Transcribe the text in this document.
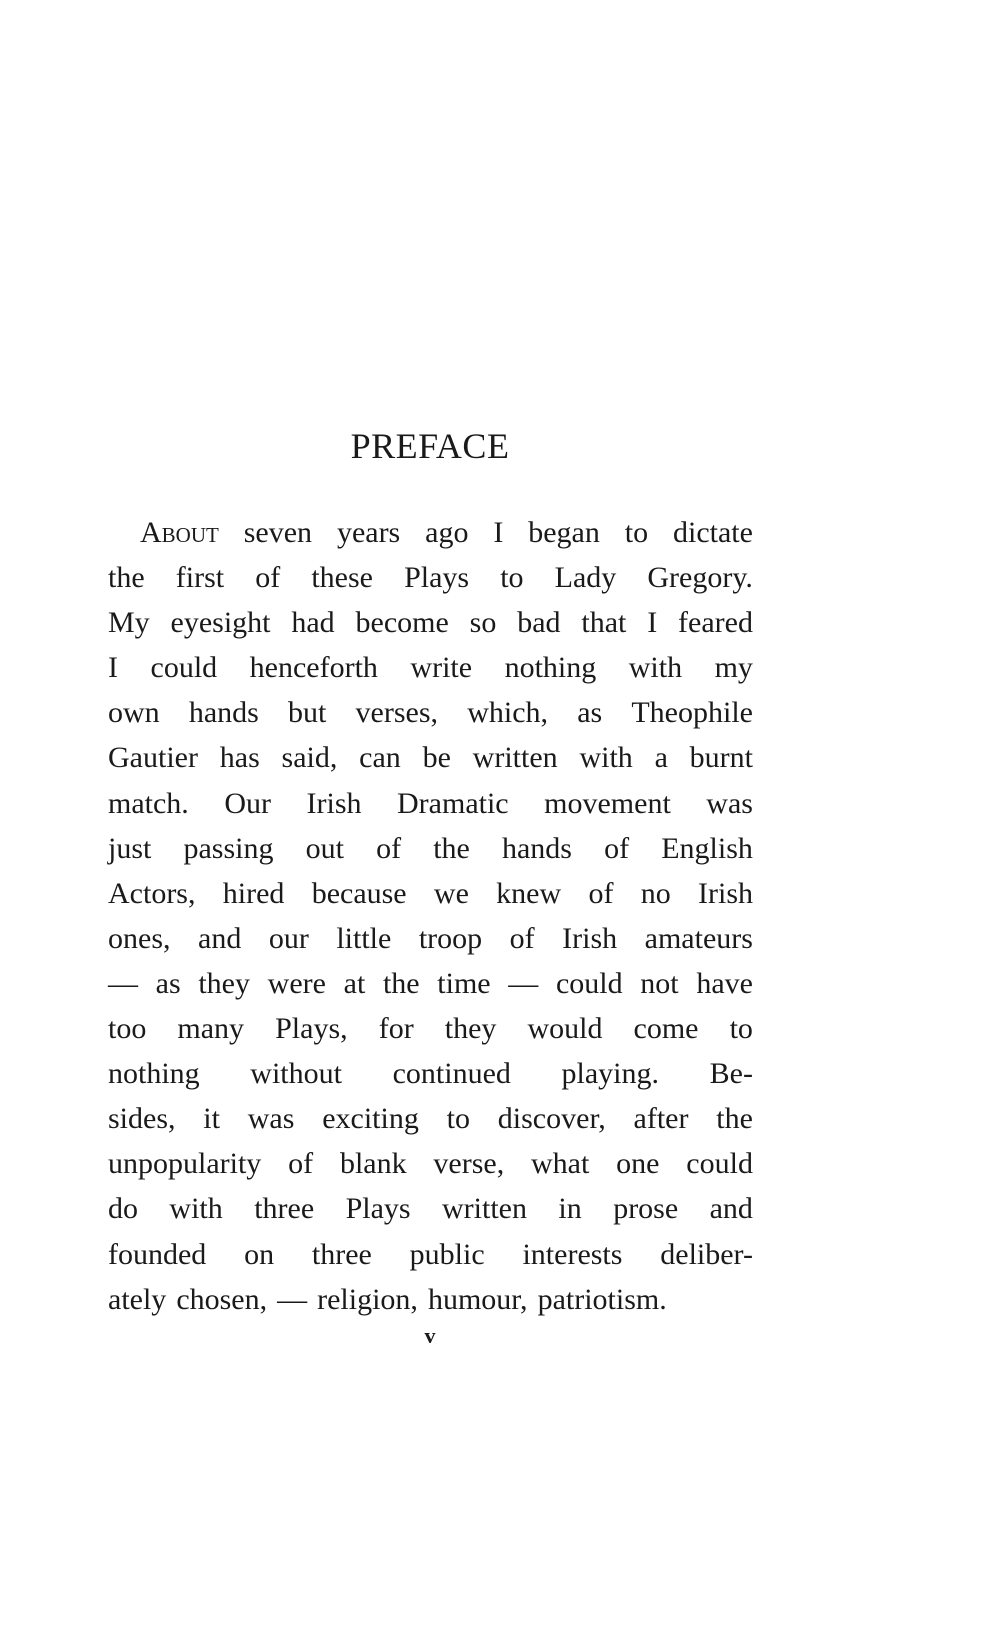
PREFACE
About seven years ago I began to dictate
the first of these Plays to Lady Gregory.
My eyesight had become so bad that I feared
I could henceforth write nothing with my
own hands but verses, which, as Theophile
Gautier has said, can be written with a burnt
match. Our Irish Dramatic movement was
just passing out of the hands of English
Actors, hired because we knew of no Irish
ones, and our little troop of Irish amateurs
— as they were at the time — could not have
too many Plays, for they would come to
nothing without continued playing. Be-
sides, it was exciting to discover, after the
unpopularity of blank verse, what one could
do with three Plays written in prose and
founded on three public interests deliber-
ately chosen, — religion, humour, patriotism.
v
